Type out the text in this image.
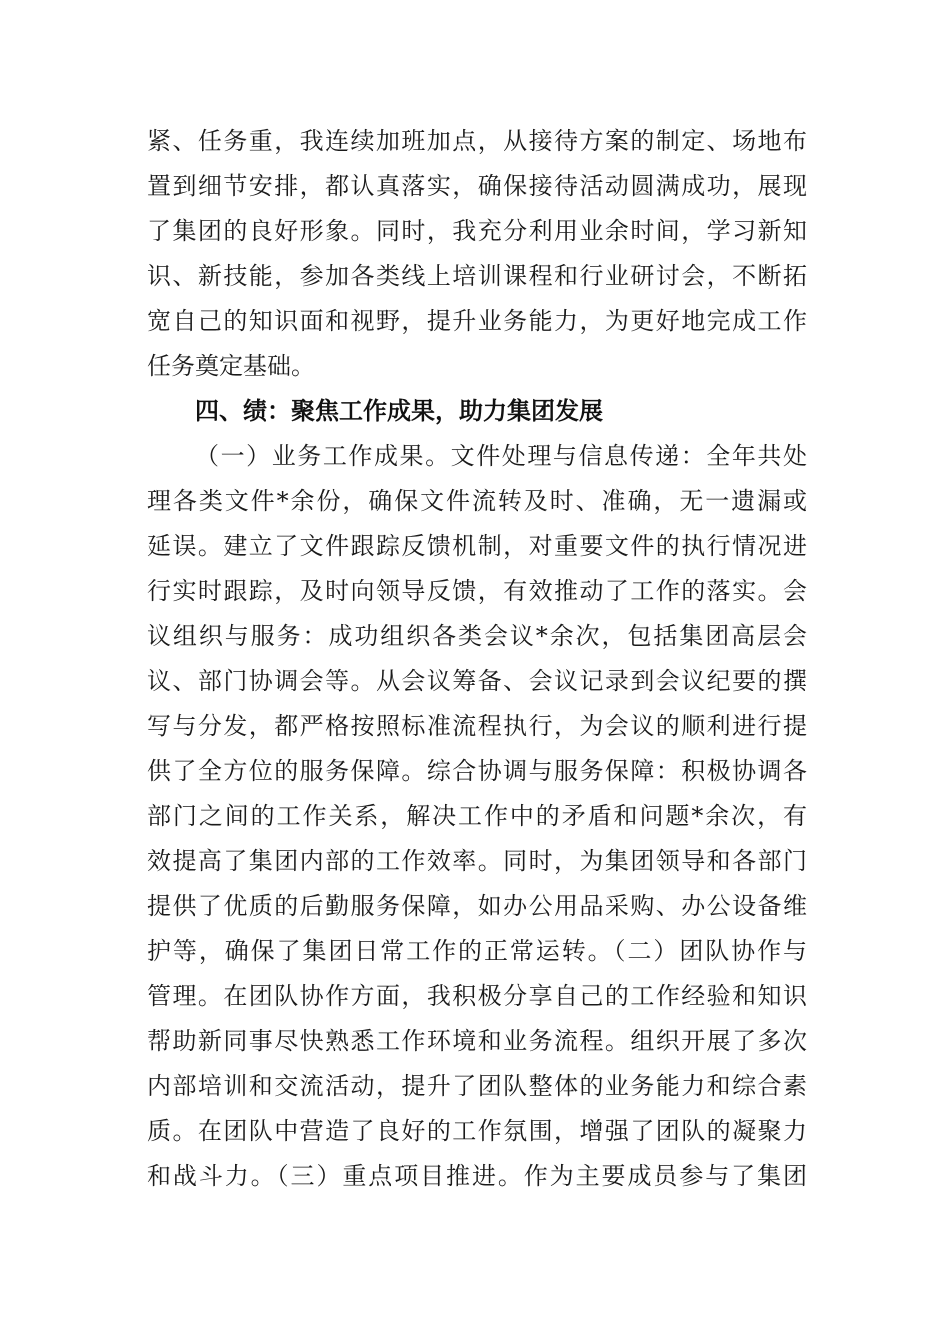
紧、任务重，我连续加班加点，从接待方案的制定、场地布
置到细节安排，都认真落实，确保接待活动圆满成功，展现
了集团的良好形象。同时，我充分利用业余时间，学习新知
识、新技能，参加各类线上培训课程和行业研讨会，不断拓
宽自己的知识面和视野，提升业务能力，为更好地完成工作
任务奠定基础。
四、绩：聚焦工作成果，助力集团发展
（一）业务工作成果。文件处理与信息传递：全年共处
理各类文件*余份，确保文件流转及时、准确，无一遗漏或
延误。建立了文件跟踪反馈机制，对重要文件的执行情况进
行实时跟踪，及时向领导反馈，有效推动了工作的落实。会
议组织与服务：成功组织各类会议*余次，包括集团高层会
议、部门协调会等。从会议筹备、会议记录到会议纪要的撰
写与分发，都严格按照标准流程执行，为会议的顺利进行提
供了全方位的服务保障。综合协调与服务保障：积极协调各
部门之间的工作关系，解决工作中的矛盾和问题*余次，有
效提高了集团内部的工作效率。同时，为集团领导和各部门
提供了优质的后勤服务保障，如办公用品采购、办公设备维
护等，确保了集团日常工作的正常运转。（二）团队协作与
管理。在团队协作方面，我积极分享自己的工作经验和知识
帮助新同事尽快熟悉工作环境和业务流程。组织开展了多次
内部培训和交流活动，提升了团队整体的业务能力和综合素
质。在团队中营造了良好的工作氛围，增强了团队的凝聚力
和战斗力。（三）重点项目推进。作为主要成员参与了集团
